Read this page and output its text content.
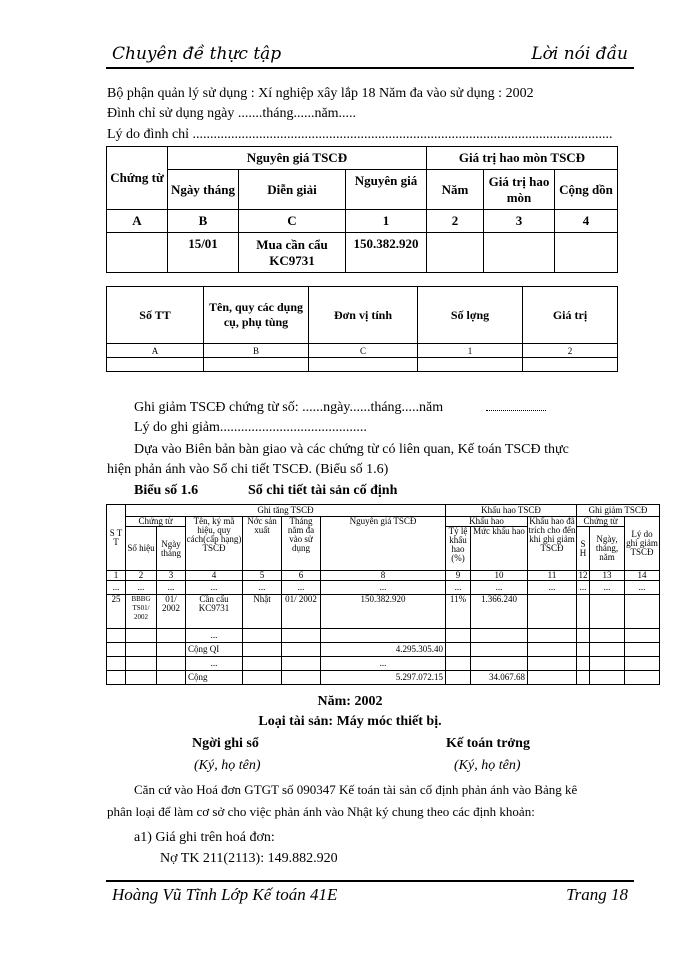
Chuyên đề thực tập	Lời nói đầu
Bộ phận quản lý sử dụng : Xí nghiệp xây lắp 18 Năm đa vào sử dụng : 2002
Đình chỉ sử dụng ngày .......tháng......năm.....
Lý do đình chỉ ........................................................................................................................
Chứng từ	Nguyên giá TSCĐ			Giá trị hao mòn TSCĐ		
	Ngày tháng	Diễn giải	Nguyên giá	Năm	Giá trị hao mòn	Cộng dồn
A	B	C	1	2	3	4
	15/01	Mua cần cẩu KC9731	150.382.920			
Số TT	Tên, quy các dụng cụ, phụ tùng	Đơn vị tính	Số lợng	Giá trị
A	B	C	1	2

Ghi giảm TSCĐ chứng từ số: ......ngày......tháng.....năm
Lý do ghi giảm..........................................
Dựa vào Biên bản bàn giao và các chứng từ có liên quan, Kế toán TSCĐ thực
hiện phản ánh vào Sổ chi tiết TSCĐ. (Biểu số 1.6)
Biểu số 1.6	Sổ chi tiết tài sản cố định
S T T	Ghi tăng TSCĐ						Khấu hao TSCĐ			Ghi giảm TSCĐ		
	Chứng từ		Tên, ký mã hiệu, quy cách(cấp hạng) TSCĐ	Nớc sản xuất	Tháng năm đa vào sử dụng	Nguyên giá TSCĐ	Khấu hao		Khấu hao đã trích cho đến khi ghi giảm TSCĐ	Chứng từ		Lý do ghi giảm TSCĐ
	Số hiệu	Ngày tháng					Tỷ lệ khấu hao (%)	Mức khấu hao		S H	Ngày, tháng, năm	
1	2	3	4	5	6	8	9	10	11	12	13	14
...	...	...	...	...	...	...	...	...	...	...	...	...
25	BBBG TS01/ 2002	01/ 2002	Cần cẩu KC9731	Nhật	01/ 2002	150.382.920	11%	1.366.240				
			...									
			Cộng QI			4.295.305.40						
			...			...						
			Cộng			5.297.072.15		34.067.68				
Năm: 2002
Loại tài sản: Máy móc thiết bị.
Ngời ghi sổ	Kế toán trởng
(Ký, họ tên)	(Ký, họ tên)
Căn cứ vào Hoá đơn GTGT số 090347 Kế toán tài sản cố định phản ánh vào Bảng kê
phân loại để làm cơ sở cho việc phản ánh vào Nhật ký chung theo các định khoản:
a1) Giá ghi trên hoá đơn:
Nợ TK 211(2113): 149.882.920
Hoàng Vũ Tĩnh Lớp Kế toán 41E	Trang 18
